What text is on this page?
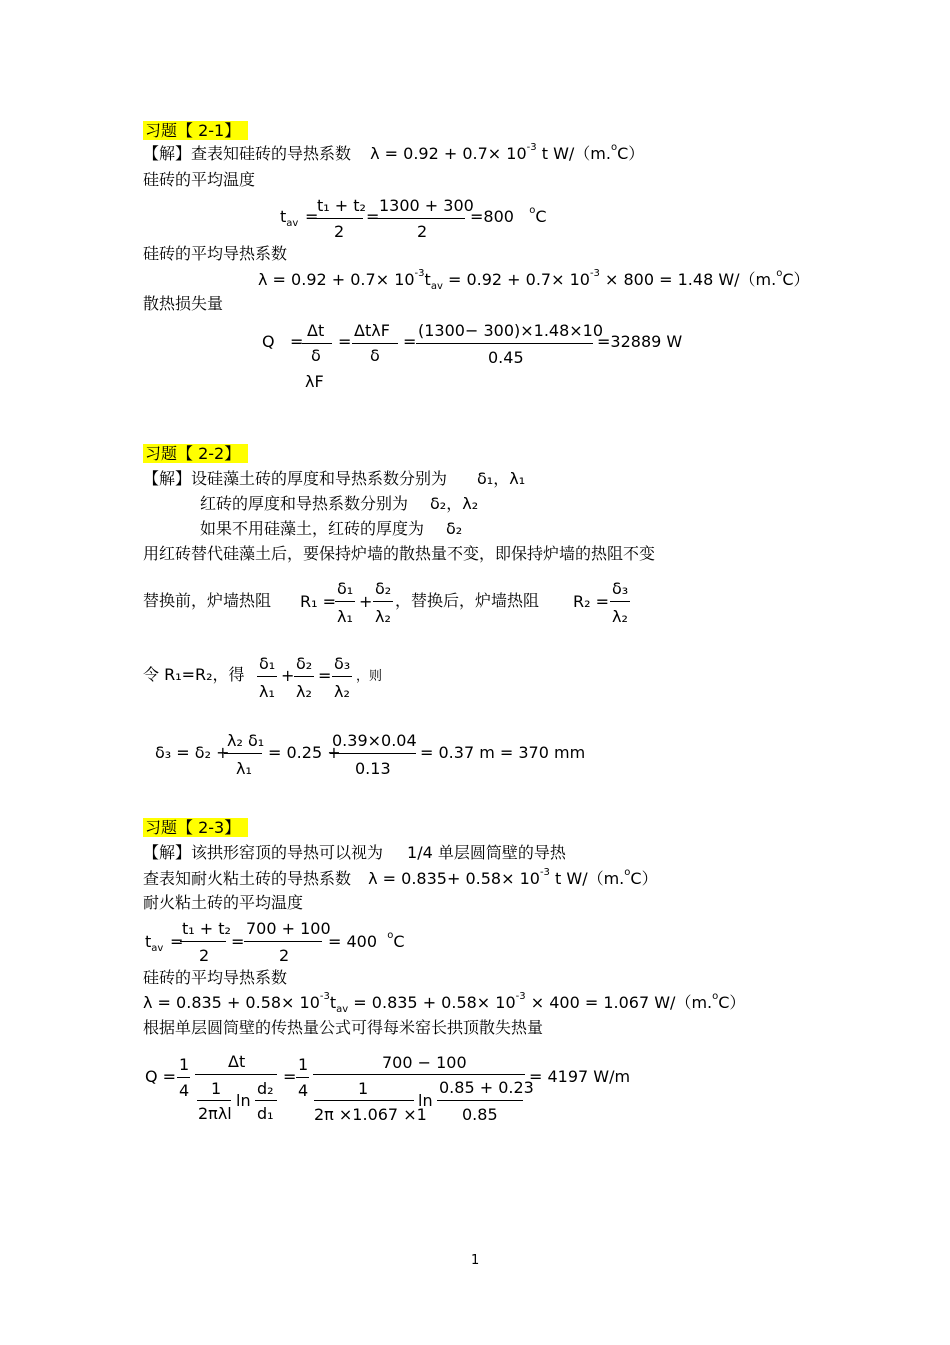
习题【 2-1】
【解】查表知硅砖的导热系数 $\lambda = 0.92 + 0.7\times 10^{-3}$ t W/（m.$^o$C）
硅砖的平均温度
$t_{av}$ =
t₁ + t₂
2
=
1300 + 300
2
=800 $^o$C
硅砖的平均导热系数
$\lambda = 0.92 + 0.7\times 10^{-3}t_{av} = 0.92 + 0.7\times 10^{-3} \times 800 = 1.48$ W/（m.$^o$C）
散热损失量
Q =
Δt
δ
λF
=
ΔtλF
δ
=
(1300− 300)×1.48×10
0.45
=32889 W
习题【 2-2】
【解】设硅藻土砖的厚度和导热系数分别为 δ₁，λ₁
红砖的厚度和导热系数分别为 δ₂，λ₂
如果不用硅藻土，红砖的厚度为 δ₂
用红砖替代硅藻土后，要保持炉墙的散热量不变，即保持炉墙的热阻不变
替换前，炉墙热阻 R₁ =
δ₁
λ₁
+
δ₂
λ₂
，替换后，炉墙热阻 R₂ =
δ₃
λ₂
令 R₁=R₂，得
δ₁
λ₁
+
δ₂
λ₂
=
δ₃
λ₂
，则
δ₃ = δ₂ +
λ₂ δ₁
λ₁
= 0.25 +
0.39×0.04
0.13
= 0.37 m = 370 mm
习题【 2-3】
【解】该拱形窑顶的导热可以视为 1/4 单层圆筒壁的导热
查表知耐火粘土砖的导热系数 $\lambda = 0.835+ 0.58\times 10^{-3}$ t W/（m.$^o$C）
耐火粘土砖的平均温度
$t_{av}$ =
t₁ + t₂
2
=
700 + 100
2
= 400 $^o$C
硅砖的平均导热系数
$\lambda = 0.835 + 0.58\times 10^{-3}t_{av} = 0.835 + 0.58\times 10^{-3} \times 400 = 1.067$ W/（m.$^o$C）
根据单层圆筒壁的传热量公式可得每米窑长拱顶散失热量
Q =
1
4
Δt
1
2πλl
ln
d₂
d₁
=
1
4
700 − 100
1
2π ×1.067 ×1
ln
0.85 + 0.23
0.85
= 4197 W/m
1
